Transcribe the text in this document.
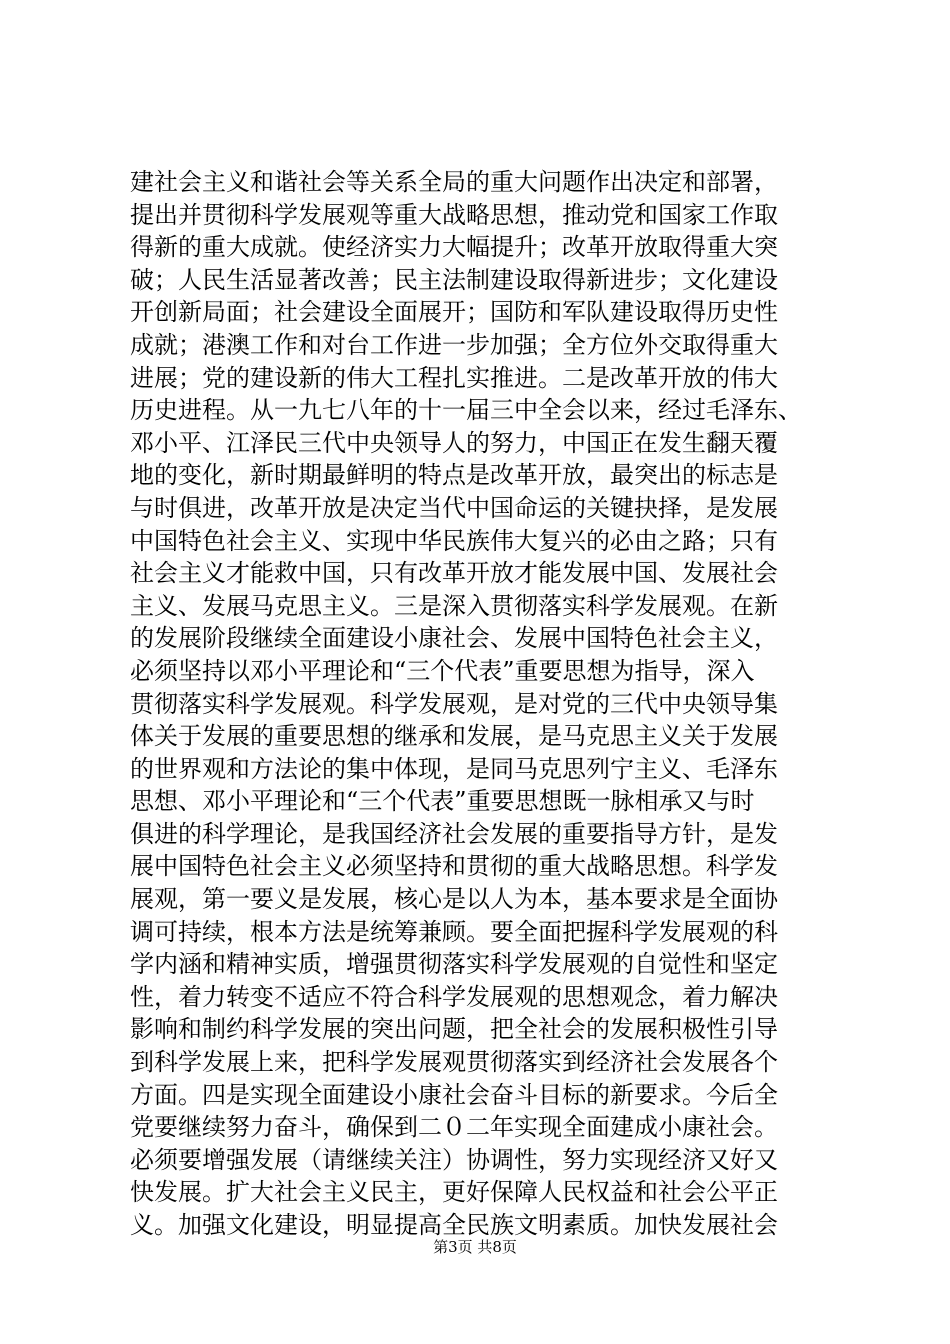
建社会主义和谐社会等关系全局的重大问题作出决定和部署，
提出并贯彻科学发展观等重大战略思想，推动党和国家工作取
得新的重大成就。使经济实力大幅提升；改革开放取得重大突
破；人民生活显著改善；民主法制建设取得新进步；文化建设
开创新局面；社会建设全面展开；国防和军队建设取得历史性
成就；港澳工作和对台工作进一步加强；全方位外交取得重大
进展；党的建设新的伟大工程扎实推进。二是改革开放的伟大
历史进程。从一九七八年的十一届三中全会以来，经过毛泽东、
邓小平、江泽民三代中央领导人的努力，中国正在发生翻天覆
地的变化，新时期最鲜明的特点是改革开放，最突出的标志是
与时俱进，改革开放是决定当代中国命运的关键抉择，是发展
中国特色社会主义、实现中华民族伟大复兴的必由之路；只有
社会主义才能救中国，只有改革开放才能发展中国、发展社会
主义、发展马克思主义。三是深入贯彻落实科学发展观。在新
的发展阶段继续全面建设小康社会、发展中国特色社会主义，
必须坚持以邓小平理论和“三个代表”重要思想为指导，深入
贯彻落实科学发展观。科学发展观，是对党的三代中央领导集
体关于发展的重要思想的继承和发展，是马克思主义关于发展
的世界观和方法论的集中体现，是同马克思列宁主义、毛泽东
思想、邓小平理论和“三个代表”重要思想既一脉相承又与时
俱进的科学理论，是我国经济社会发展的重要指导方针，是发
展中国特色社会主义必须坚持和贯彻的重大战略思想。科学发
展观，第一要义是发展，核心是以人为本，基本要求是全面协
调可持续，根本方法是统筹兼顾。要全面把握科学发展观的科
学内涵和精神实质，增强贯彻落实科学发展观的自觉性和坚定
性，着力转变不适应不符合科学发展观的思想观念，着力解决
影响和制约科学发展的突出问题，把全社会的发展积极性引导
到科学发展上来，把科学发展观贯彻落实到经济社会发展各个
方面。四是实现全面建设小康社会奋斗目标的新要求。今后全
党要继续努力奋斗，确保到二０二年实现全面建成小康社会。
必须要增强发展（请继续关注）协调性，努力实现经济又好又
快发展。扩大社会主义民主，更好保障人民权益和社会公平正
义。加强文化建设，明显提高全民族文明素质。加快发展社会
第3页 共8页
